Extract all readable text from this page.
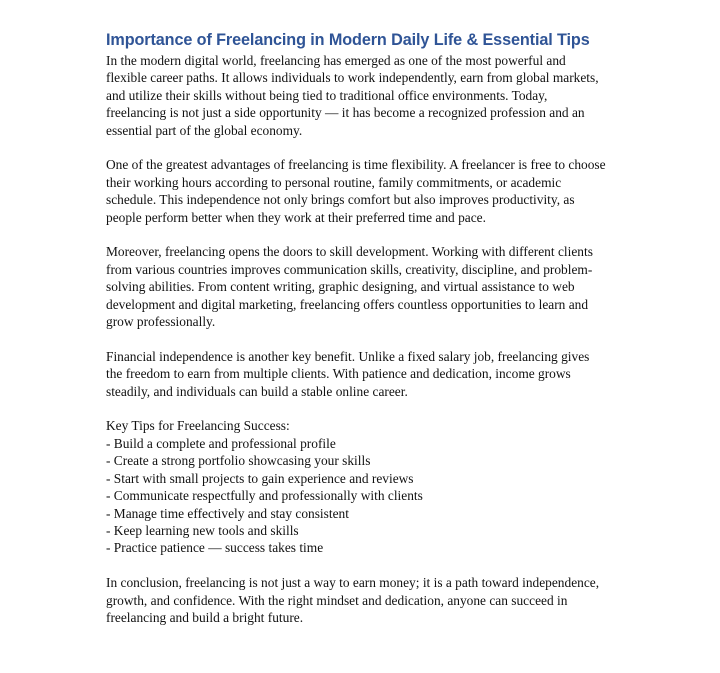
Importance of Freelancing in Modern Daily Life & Essential Tips

In the modern digital world, freelancing has emerged as one of the most powerful and
flexible career paths. It allows individuals to work independently, earn from global markets,
and utilize their skills without being tied to traditional office environments. Today,
freelancing is not just a side opportunity — it has become a recognized profession and an
essential part of the global economy.

One of the greatest advantages of freelancing is time flexibility. A freelancer is free to choose
their working hours according to personal routine, family commitments, or academic
schedule. This independence not only brings comfort but also improves productivity, as
people perform better when they work at their preferred time and pace.

Moreover, freelancing opens the doors to skill development. Working with different clients
from various countries improves communication skills, creativity, discipline, and problem-
solving abilities. From content writing, graphic designing, and virtual assistance to web
development and digital marketing, freelancing offers countless opportunities to learn and
grow professionally.

Financial independence is another key benefit. Unlike a fixed salary job, freelancing gives
the freedom to earn from multiple clients. With patience and dedication, income grows
steadily, and individuals can build a stable online career.

Key Tips for Freelancing Success:
- Build a complete and professional profile
- Create a strong portfolio showcasing your skills
- Start with small projects to gain experience and reviews
- Communicate respectfully and professionally with clients
- Manage time effectively and stay consistent
- Keep learning new tools and skills
- Practice patience — success takes time

In conclusion, freelancing is not just a way to earn money; it is a path toward independence,
growth, and confidence. With the right mindset and dedication, anyone can succeed in
freelancing and build a bright future.
